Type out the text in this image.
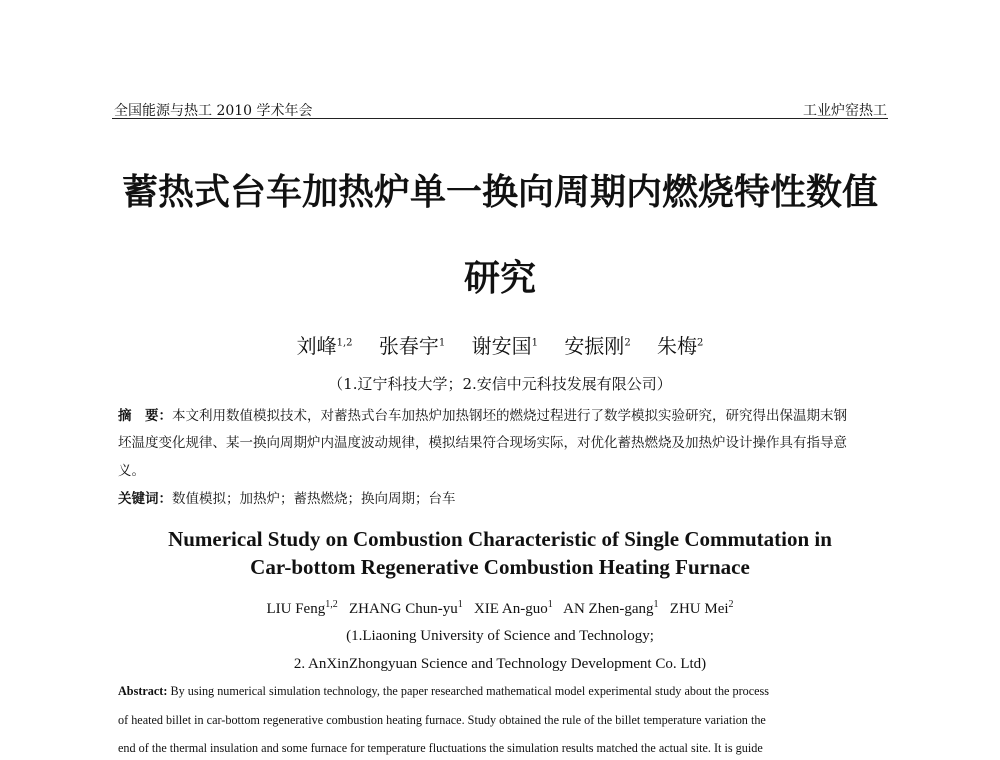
全国能源与热工 2010 学术年会	工业炉窑热工
蓄热式台车加热炉单一换向周期内燃烧特性数值
研究
刘峰$^{1,2}$  张春宇$^1$  谢安国$^1$  安振刚$^2$  朱梅$^2$
（1.辽宁科技大学；2.安信中元科技发展有限公司）
摘　要：本文利用数值模拟技术，对蓄热式台车加热炉加热钢坯的燃烧过程进行了数学模拟实验研究，研究得出保温期末钢
坯温度变化规律、某一换向周期炉内温度波动规律，模拟结果符合现场实际，对优化蓄热燃烧及加热炉设计操作具有指导意
义。
关键词：数值模拟；加热炉；蓄热燃烧；换向周期；台车
Numerical Study on Combustion Characteristic of Single Commutation in
Car-bottom Regenerative Combustion Heating Furnace
LIU Feng$^{1,2}$  ZHANG Chun-$yu^1$  XIE An-guo$^1$  AN Zhen-gang$^1$  ZHU Mei$^2$
(1.Liaoning University of Science and Technology;
2. AnXinZhongyuan Science and Technology Development Co. Ltd)
Abstract: By using numerical simulation technology, the paper researched mathematical model experimental study about the process
of heated billet in car-bottom regenerative combustion heating furnace. Study obtained the rule of the billet temperature variation the
end of the thermal insulation and some furnace for temperature fluctuations the simulation results matched the actual site. It is guide
